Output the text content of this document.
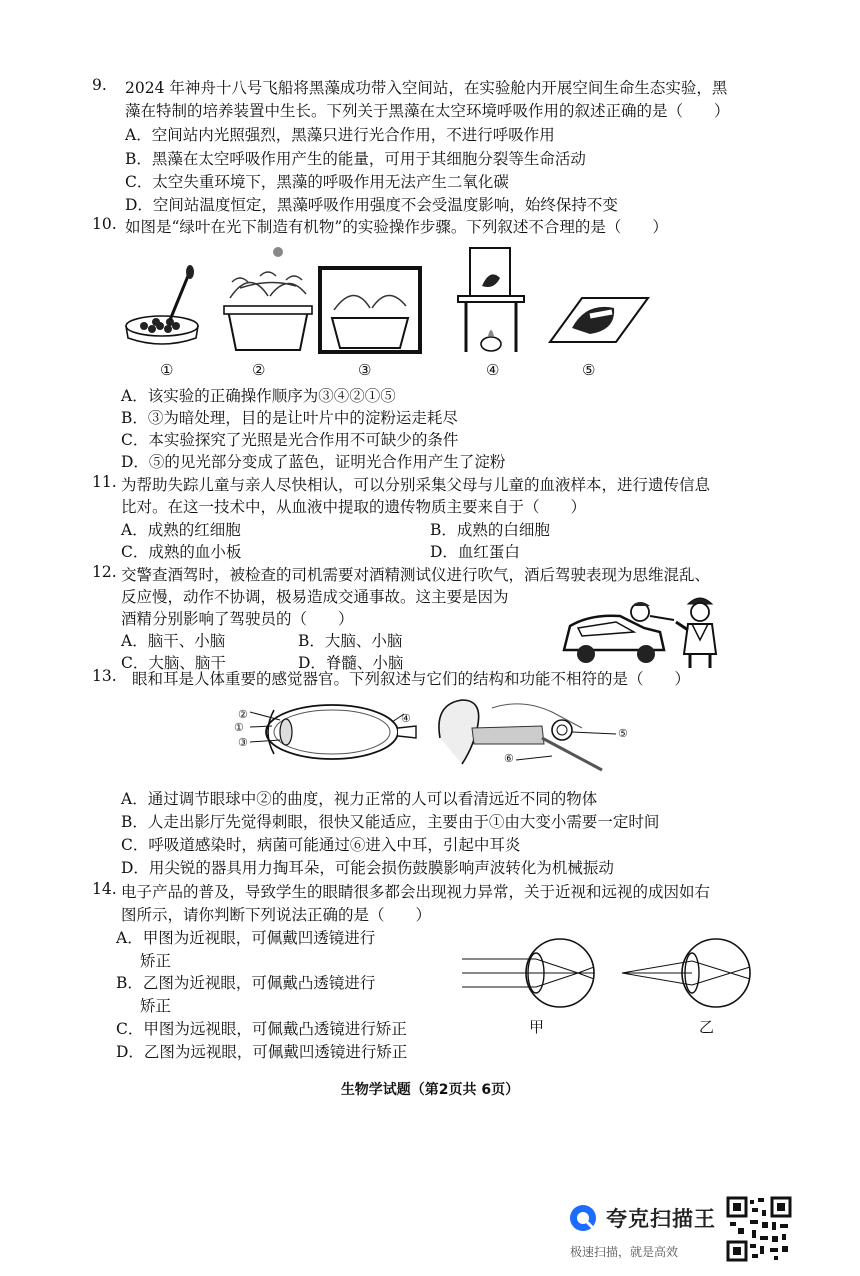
9. 2024 年神舟十八号飞船将黑藻成功带入空间站，在实验舱内开展空间生命生态实验，黑
藻在特制的培养装置中生长。下列关于黑藻在太空环境呼吸作用的叙述正确的是（　　）
A．空间站内光照强烈，黑藻只进行光合作用，不进行呼吸作用
B．黑藻在太空呼吸作用产生的能量，可用于其细胞分裂等生命活动
C．太空失重环境下，黑藻的呼吸作用无法产生二氧化碳
D．空间站温度恒定，黑藻呼吸作用强度不会受温度影响，始终保持不变
10. 如图是“绿叶在光下制造有机物”的实验操作步骤。下列叙述不合理的是（　　）
①	②	③	④	⑤
A．该实验的正确操作顺序为③④②①⑤
B．③为暗处理，目的是让叶片中的淀粉运走耗尽
C．本实验探究了光照是光合作用不可缺少的条件
D．⑤的见光部分变成了蓝色，证明光合作用产生了淀粉
11. 为帮助失踪儿童与亲人尽快相认，可以分别采集父母与儿童的血液样本，进行遗传信息
比对。在这一技术中，从血液中提取的遗传物质主要来自于（　　）
A．成熟的红细胞	B．成熟的白细胞
C．成熟的血小板	D．血红蛋白
12. 交警查酒驾时，被检查的司机需要对酒精测试仪进行吹气，酒后驾驶表现为思维混乱、
反应慢，动作不协调，极易造成交通事故。这主要是因为
酒精分别影响了驾驶员的（　　）
A．脑干、小脑	B．大脑、小脑
C．大脑、脑干	D．脊髓、小脑
13. 眼和耳是人体重要的感觉器官。下列叙述与它们的结构和功能不相符的是（　　）
②
①
③
④
⑤
⑥
A．通过调节眼球中②的曲度，视力正常的人可以看清远近不同的物体
B．人走出影厅先觉得刺眼，很快又能适应，主要由于①由大变小需要一定时间
C．呼吸道感染时，病菌可能通过⑥进入中耳，引起中耳炎
D．用尖锐的器具用力掏耳朵，可能会损伤鼓膜影响声波转化为机械振动
14. 电子产品的普及，导致学生的眼睛很多都会出现视力异常，关于近视和远视的成因如右
图所示，请你判断下列说法正确的是（　　）
A．甲图为近视眼，可佩戴凹透镜进行
矫正
B．乙图为近视眼，可佩戴凸透镜进行
矫正
C．甲图为远视眼，可佩戴凸透镜进行矫正
D．乙图为远视眼，可佩戴凹透镜进行矫正
甲	乙
生物学试题（第2页共 6页）
夸克扫描王
极速扫描，就是高效
